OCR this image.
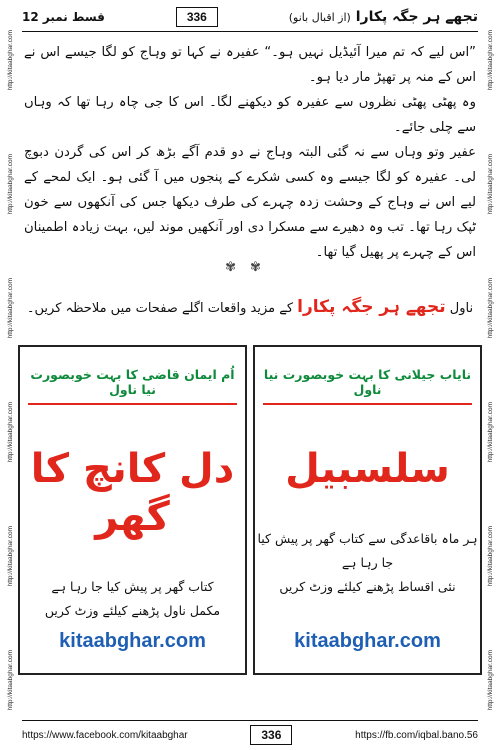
http://kitaabghar.com
http://kitaabghar.com
http://kitaabghar.com
http://kitaabghar.com
http://kitaabghar.com
http://kitaabghar.com
http://kitaabghar.com
http://kitaabghar.com
http://kitaabghar.com
http://kitaabghar.com
http://kitaabghar.com
http://kitaabghar.com
تجھے ہر جگہ پکارا (از اقبال بانو)
336
قسط نمبر 12

”اس لیے کہ تم میرا آئیڈیل نہیں ہو۔“ عفیرہ نے کہا تو وہاج کو لگا جیسے اس نے اس کے منہ پر تھپڑ مار دیا ہو۔

وہ پھٹی پھٹی نظروں سے عفیرہ کو دیکھنے لگا۔ اس کا جی چاہ رہا تھا کہ وہاں سے چلی جائے۔

عفیر وتو وہاں سے نہ گئی البتہ وہاج نے دو قدم آگے بڑھ کر اس کی گردن دبوچ لی۔ عفیرہ کو لگا جیسے وہ کسی شکرے کے پنجوں میں آ گئی ہو۔ ایک لمحے کے لیے اس نے وہاج کے وحشت زدہ چہرے کی طرف دیکھا جس کی آنکھوں سے خون ٹپک رہا تھا۔ تب وہ دھیرے سے مسکرا دی اور آنکھیں موند لیں، بہت زیادہ اطمینان اس کے چہرے پر پھیل گیا تھا۔

✾✾
ناول تجھے ہر جگہ پکارا کے مزید واقعات اگلے صفحات میں ملاحظہ کریں۔
نایاب جیلانی کا بہت خوبصورت نیا ناول
سلسبیل
ہر ماہ باقاعدگی سے کتاب گھر پر پیش کیا جا رہا ہے
نئی اقساط پڑھنے کیلئے وزٹ کریں
kitaabghar.com
اُم ایمان قاضی کا بہت خوبصورت نیا ناول
دل کانچ کا گھر
کتاب گھر پر پیش کیا جا رہا ہے
مکمل ناول پڑھنے کیلئے وزٹ کریں
kitaabghar.com
https://www.facebook.com/kitaabghar	336	https://fb.com/iqbal.bano.56
